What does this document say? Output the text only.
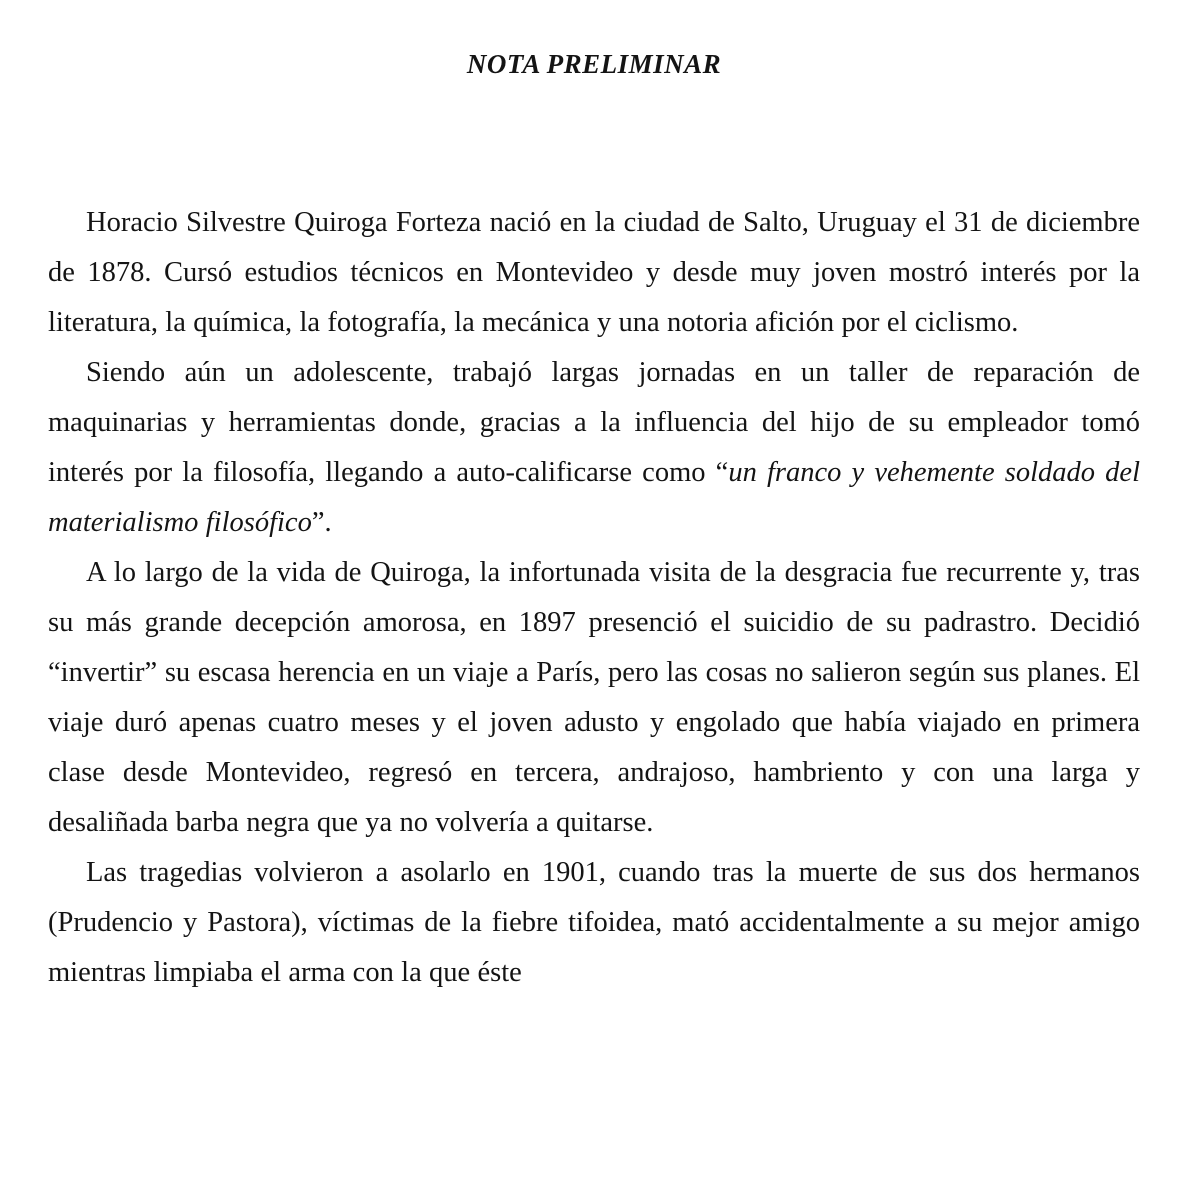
NOTA PRELIMINAR

Horacio Silvestre Quiroga Forteza nació en la ciudad de Salto, Uruguay el 31 de diciembre de 1878. Cursó estudios técnicos en Montevideo y desde muy joven mostró interés por la literatura, la química, la fotografía, la mecánica y una notoria afición por el ciclismo.

Siendo aún un adolescente, trabajó largas jornadas en un taller de reparación de maquinarias y herramientas donde, gracias a la influencia del hijo de su empleador tomó interés por la filosofía, llegando a auto-calificarse como “un franco y vehemente soldado del materialismo filosófico”.

A lo largo de la vida de Quiroga, la infortunada visita de la desgracia fue recurrente y, tras su más grande decepción amorosa, en 1897 presenció el suicidio de su padrastro. Decidió “invertir” su escasa herencia en un viaje a París, pero las cosas no salieron según sus planes. El viaje duró apenas cuatro meses y el joven adusto y engolado que había viajado en primera clase desde Montevideo, regresó en tercera, andrajoso, hambriento y con una larga y desaliñada barba negra que ya no volvería a quitarse.

Las tragedias volvieron a asolarlo en 1901, cuando tras la muerte de sus dos hermanos (Prudencio y Pastora), víctimas de la fiebre tifoidea, mató accidentalmente a su mejor amigo mientras limpiaba el arma con la que éste
